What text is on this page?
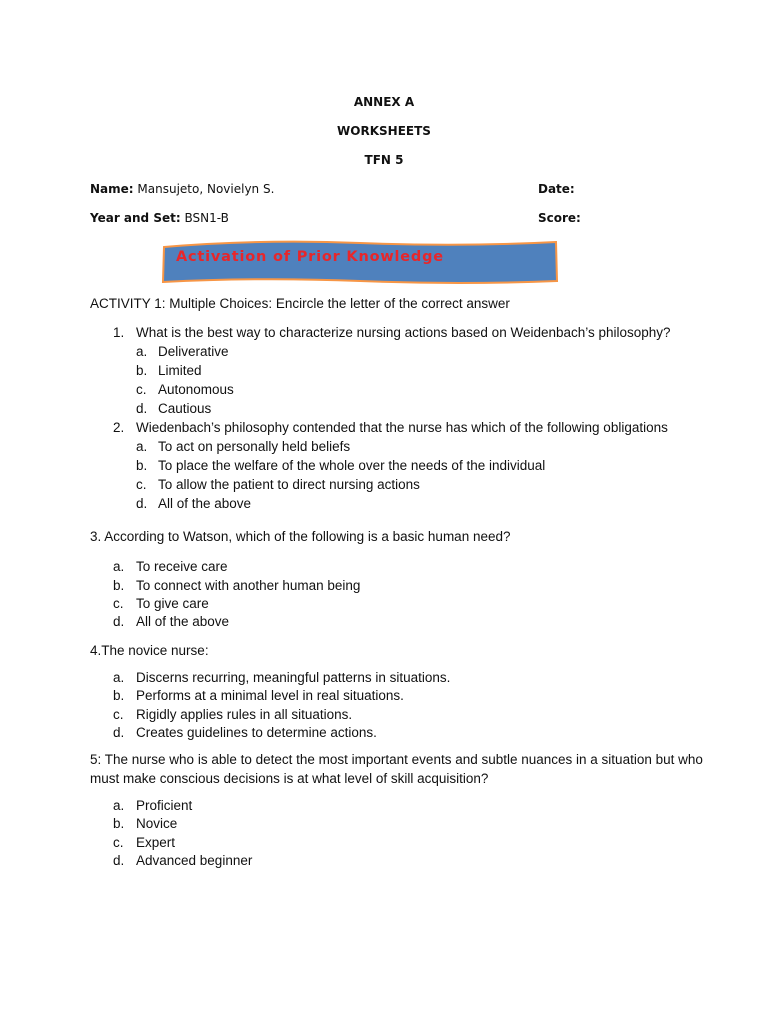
ANNEX A
WORKSHEETS
TFN 5
Name: Mansujeto, Novielyn S.	Date:
Year and Set: BSN1-B	Score:
Activation of Prior Knowledge
ACTIVITY 1: Multiple Choices: Encircle the letter of the correct answer
1. What is the best way to characterize nursing actions based on Weidenbach’s philosophy?
a. Deliverative
b. Limited
c. Autonomous
d. Cautious
2. Wiedenbach’s philosophy contended that the nurse has which of the following obligations
a. To act on personally held beliefs
b. To place the welfare of the whole over the needs of the individual
c. To allow the patient to direct nursing actions
d. All of the above
3. According to Watson, which of the following is a basic human need?
a. To receive care
b. To connect with another human being
c. To give care
d. All of the above
4.The novice nurse:
a. Discerns recurring, meaningful patterns in situations.
b. Performs at a minimal level in real situations.
c. Rigidly applies rules in all situations.
d. Creates guidelines to determine actions.
5: The nurse who is able to detect the most important events and subtle nuances in a situation but who
must make conscious decisions is at what level of skill acquisition?
a. Proficient
b. Novice
c. Expert
d. Advanced beginner
